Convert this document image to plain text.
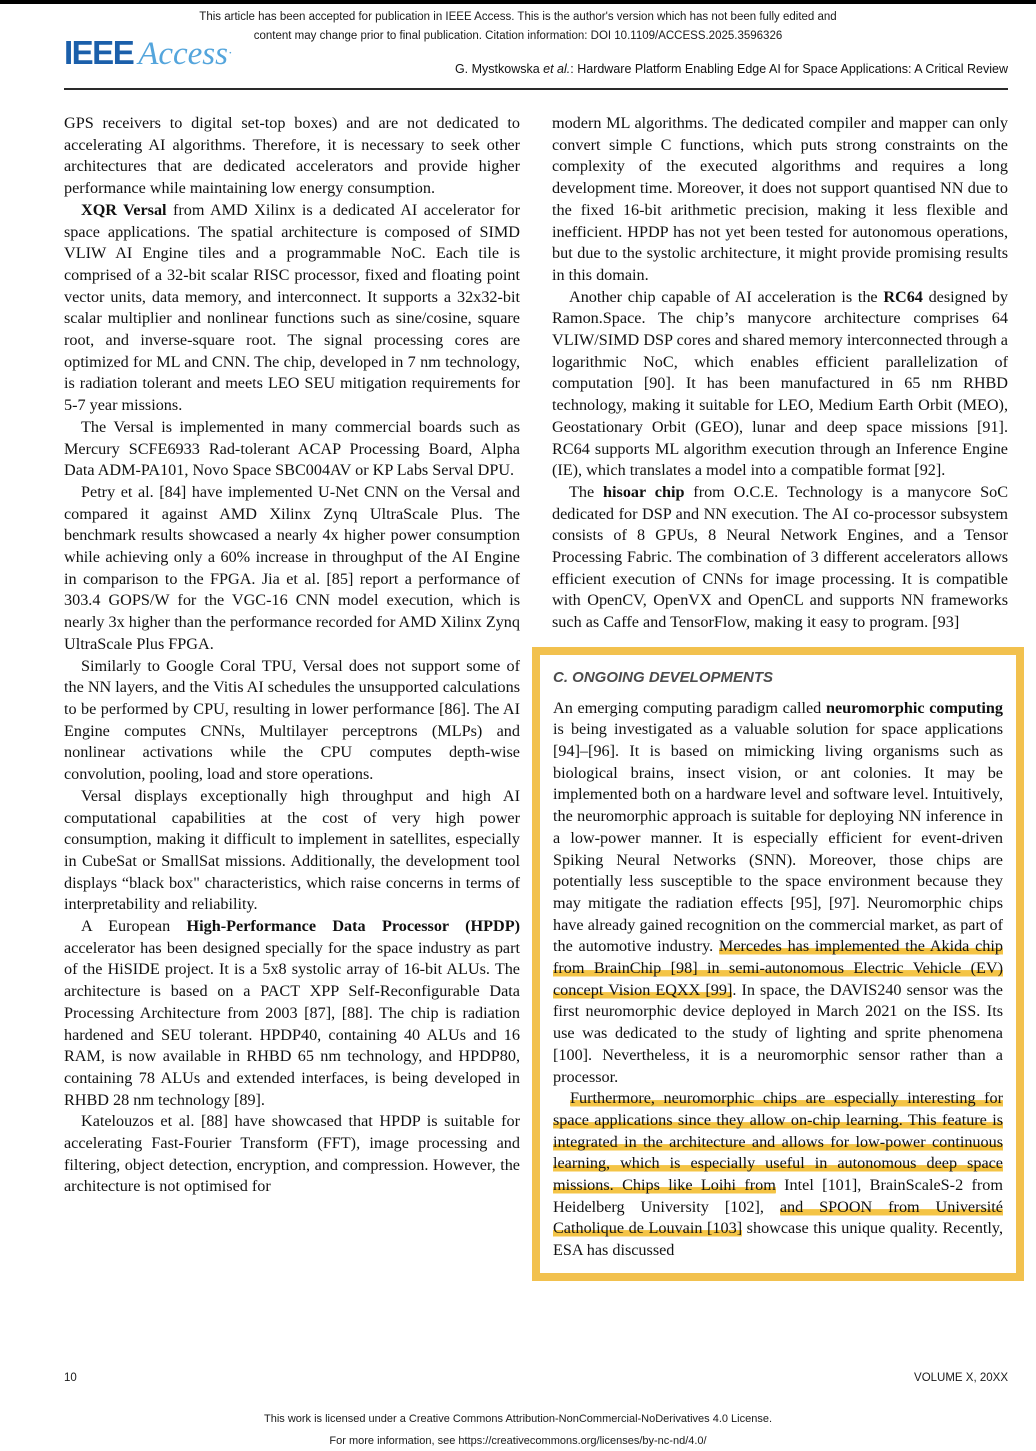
This article has been accepted for publication in IEEE Access. This is the author's version which has not been fully edited and
content may change prior to final publication. Citation information: DOI 10.1109/ACCESS.2025.3596326
IEEE Access·
G. Mystkowska et al.: Hardware Platform Enabling Edge AI for Space Applications: A Critical Review

GPS receivers to digital set-top boxes) and are not dedicated to accelerating AI algorithms. Therefore, it is necessary to seek other architectures that are dedicated accelerators and provide higher performance while maintaining low energy consumption.

XQR Versal from AMD Xilinx is a dedicated AI accelerator for space applications. The spatial architecture is composed of SIMD VLIW AI Engine tiles and a programmable NoC. Each tile is comprised of a 32-bit scalar RISC processor, fixed and floating point vector units, data memory, and interconnect. It supports a 32x32-bit scalar multiplier and nonlinear functions such as sine/cosine, square root, and inverse-square root. The signal processing cores are optimized for ML and CNN. The chip, developed in 7 nm technology, is radiation tolerant and meets LEO SEU mitigation requirements for 5-7 year missions.

The Versal is implemented in many commercial boards such as Mercury SCFE6933 Rad-tolerant ACAP Processing Board, Alpha Data ADM-PA101, Novo Space SBC004AV or KP Labs Serval DPU.

Petry et al. [84] have implemented U-Net CNN on the Versal and compared it against AMD Xilinx Zynq UltraScale Plus. The benchmark results showcased a nearly 4x higher power consumption while achieving only a 60% increase in throughput of the AI Engine in comparison to the FPGA. Jia et al. [85] report a performance of 303.4 GOPS/W for the VGC-16 CNN model execution, which is nearly 3x higher than the performance recorded for AMD Xilinx Zynq UltraScale Plus FPGA.

Similarly to Google Coral TPU, Versal does not support some of the NN layers, and the Vitis AI schedules the unsupported calculations to be performed by CPU, resulting in lower performance [86]. The AI Engine computes CNNs, Multilayer perceptrons (MLPs) and nonlinear activations while the CPU computes depth-wise convolution, pooling, load and store operations.

Versal displays exceptionally high throughput and high AI computational capabilities at the cost of very high power consumption, making it difficult to implement in satellites, especially in CubeSat or SmallSat missions. Additionally, the development tool displays “black box" characteristics, which raise concerns in terms of interpretability and reliability.

A European High-Performance Data Processor (HPDP) accelerator has been designed specially for the space industry as part of the HiSIDE project. It is a 5x8 systolic array of 16-bit ALUs. The architecture is based on a PACT XPP Self-Reconfigurable Data Processing Architecture from 2003 [87], [88]. The chip is radiation hardened and SEU tolerant. HPDP40, containing 40 ALUs and 16 RAM, is now available in RHBD 65 nm technology, and HPDP80, containing 78 ALUs and extended interfaces, is being developed in RHBD 28 nm technology [89].

Katelouzos et al. [88] have showcased that HPDP is suitable for accelerating Fast-Fourier Transform (FFT), image processing and filtering, object detection, encryption, and compression. However, the architecture is not optimised for

modern ML algorithms. The dedicated compiler and mapper can only convert simple C functions, which puts strong constraints on the complexity of the executed algorithms and requires a long development time. Moreover, it does not support quantised NN due to the fixed 16-bit arithmetic precision, making it less flexible and inefficient. HPDP has not yet been tested for autonomous operations, but due to the systolic architecture, it might provide promising results in this domain.

Another chip capable of AI acceleration is the RC64 designed by Ramon.Space. The chip’s manycore architecture comprises 64 VLIW/SIMD DSP cores and shared memory interconnected through a logarithmic NoC, which enables efficient parallelization of computation [90]. It has been manufactured in 65 nm RHBD technology, making it suitable for LEO, Medium Earth Orbit (MEO), Geostationary Orbit (GEO), lunar and deep space missions [91]. RC64 supports ML algorithm execution through an Inference Engine (IE), which translates a model into a compatible format [92].

The hisoar chip from O.C.E. Technology is a manycore SoC dedicated for DSP and NN execution. The AI co-processor subsystem consists of 8 GPUs, 8 Neural Network Engines, and a Tensor Processing Fabric. The combination of 3 different accelerators allows efficient execution of CNNs for image processing. It is compatible with OpenCV, OpenVX and OpenCL and supports NN frameworks such as Caffe and TensorFlow, making it easy to program. [93]

C. ONGOING DEVELOPMENTS

An emerging computing paradigm called neuromorphic computing is being investigated as a valuable solution for space applications [94]–[96]. It is based on mimicking living organisms such as biological brains, insect vision, or ant colonies. It may be implemented both on a hardware level and software level. Intuitively, the neuromorphic approach is suitable for deploying NN inference in a low-power manner. It is especially efficient for event-driven Spiking Neural Networks (SNN). Moreover, those chips are potentially less susceptible to the space environment because they may mitigate the radiation effects [95], [97]. Neuromorphic chips have already gained recognition on the commercial market, as part of the automotive industry. Mercedes has implemented the Akida chip from BrainChip [98] in semi-autonomous Electric Vehicle (EV) concept Vision EQXX [99]. In space, the DAVIS240 sensor was the first neuromorphic device deployed in March 2021 on the ISS. Its use was dedicated to the study of lighting and sprite phenomena [100]. Nevertheless, it is a neuromorphic sensor rather than a processor.

Furthermore, neuromorphic chips are especially interesting for space applications since they allow on-chip learning. This feature is integrated in the architecture and allows for low-power continuous learning, which is especially useful in autonomous deep space missions. Chips like Loihi from Intel [101], BrainScaleS-2 from Heidelberg University [102], and SPOON from Université Catholique de Louvain [103] showcase this unique quality. Recently, ESA has discussed

10	VOLUME X, 20XX
This work is licensed under a Creative Commons Attribution-NonCommercial-NoDerivatives 4.0 License.
For more information, see https://creativecommons.org/licenses/by-nc-nd/4.0/
